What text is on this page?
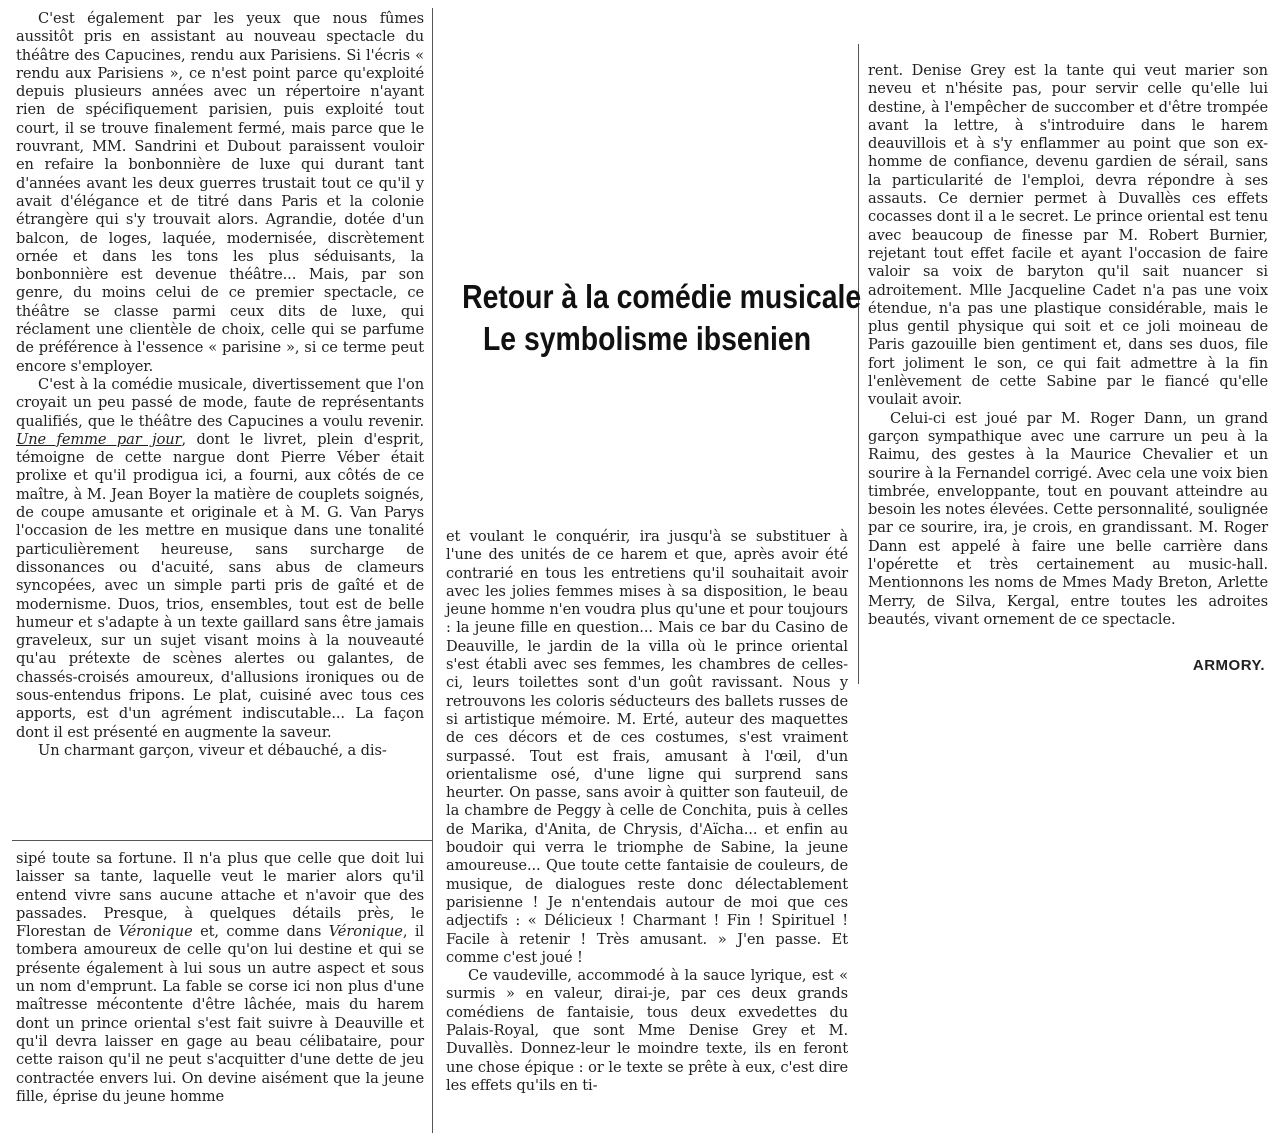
C'est également par les yeux que nous fûmes aussitôt pris en assistant au nouveau spectacle du théâtre des Capucines, rendu aux Parisiens. Si l'écris « rendu aux Parisiens », ce n'est point parce qu'exploité depuis plusieurs années avec un répertoire n'ayant rien de spécifiquement parisien, puis exploité tout court, il se trouve finalement fermé, mais parce que le rouvrant, MM. Sandrini et Dubout paraissent vouloir en refaire la bonbonnière de luxe qui durant tant d'années avant les deux guerres trustait tout ce qu'il y avait d'élégance et de titré dans Paris et la colonie étrangère qui s'y trouvait alors. Agrandie, dotée d'un balcon, de loges, laquée, modernisée, discrètement ornée et dans les tons les plus séduisants, la bonbonnière est devenue théâtre... Mais, par son genre, du moins celui de ce premier spectacle, ce théâtre se classe parmi ceux dits de luxe, qui réclament une clientèle de choix, celle qui se parfume de préférence à l'essence « parisine », si ce terme peut encore s'employer.

C'est à la comédie musicale, divertissement que l'on croyait un peu passé de mode, faute de représentants qualifiés, que le théâtre des Capucines a voulu revenir. Une femme par jour, dont le livret, plein d'esprit, témoigne de cette nargue dont Pierre Véber était prolixe et qu'il prodigua ici, a fourni, aux côtés de ce maître, à M. Jean Boyer la matière de couplets soignés, de coupe amusante et originale et à M. G. Van Parys l'occasion de les mettre en musique dans une tonalité particulièrement heureuse, sans surcharge de dissonances ou d'acuité, sans abus de clameurs syncopées, avec un simple parti pris de gaîté et de modernisme. Duos, trios, ensembles, tout est de belle humeur et s'adapte à un texte gaillard sans être jamais graveleux, sur un sujet visant moins à la nouveauté qu'au prétexte de scènes alertes ou galantes, de chassés-croisés amoureux, d'allusions ironiques ou de sous-entendus fripons. Le plat, cuisiné avec tous ces apports, est d'un agrément indiscutable... La façon dont il est présenté en augmente la saveur.

Un charmant garçon, viveur et débauché, a dis-

sipé toute sa fortune. Il n'a plus que celle que doit lui laisser sa tante, laquelle veut le marier alors qu'il entend vivre sans aucune attache et n'avoir que des passades. Presque, à quelques détails près, le Florestan de Véronique et, comme dans Véronique, il tombera amoureux de celle qu'on lui destine et qui se présente également à lui sous un autre aspect et sous un nom d'emprunt. La fable se corse ici non plus d'une maîtresse mécontente d'être lâchée, mais du harem dont un prince oriental s'est fait suivre à Deauville et qu'il devra laisser en gage au beau célibataire, pour cette raison qu'il ne peut s'acquitter d'une dette de jeu contractée envers lui. On devine aisément que la jeune fille, éprise du jeune homme

Retour à la comédie musicale
Le symbolisme ibsenien

et voulant le conquérir, ira jusqu'à se substituer à l'une des unités de ce harem et que, après avoir été contrarié en tous les entretiens qu'il souhaitait avoir avec les jolies femmes mises à sa disposition, le beau jeune homme n'en voudra plus qu'une et pour toujours : la jeune fille en question... Mais ce bar du Casino de Deauville, le jardin de la villa où le prince oriental s'est établi avec ses femmes, les chambres de celles-ci, leurs toilettes sont d'un goût ravissant. Nous y retrouvons les coloris séducteurs des ballets russes de si artistique mémoire. M. Erté, auteur des maquettes de ces décors et de ces costumes, s'est vraiment surpassé. Tout est frais, amusant à l'œil, d'un orientalisme osé, d'une ligne qui surprend sans heurter. On passe, sans avoir à quitter son fauteuil, de la chambre de Peggy à celle de Conchita, puis à celles de Marika, d'Anita, de Chrysis, d'Aïcha... et enfin au boudoir qui verra le triomphe de Sabine, la jeune amoureuse... Que toute cette fantaisie de couleurs, de musique, de dialogues reste donc délectablement parisienne ! Je n'entendais autour de moi que ces adjectifs : « Délicieux ! Charmant ! Fin ! Spirituel ! Facile à retenir ! Très amusant. » J'en passe. Et comme c'est joué !

Ce vaudeville, accommodé à la sauce lyrique, est « surmis » en valeur, dirai-je, par ces deux grands comédiens de fantaisie, tous deux exvedettes du Palais-Royal, que sont Mme Denise Grey et M. Duvallès. Donnez-leur le moindre texte, ils en feront une chose épique : or le texte se prête à eux, c'est dire les effets qu'ils en ti-

rent. Denise Grey est la tante qui veut marier son neveu et n'hésite pas, pour servir celle qu'elle lui destine, à l'empêcher de succomber et d'être trompée avant la lettre, à s'introduire dans le harem deauvillois et à s'y enflammer au point que son ex-homme de confiance, devenu gardien de sérail, sans la particularité de l'emploi, devra répondre à ses assauts. Ce dernier permet à Duvallès ces effets cocasses dont il a le secret. Le prince oriental est tenu avec beaucoup de finesse par M. Robert Burnier, rejetant tout effet facile et ayant l'occasion de faire valoir sa voix de baryton qu'il sait nuancer si adroitement. Mlle Jacqueline Cadet n'a pas une voix étendue, n'a pas une plastique considérable, mais le plus gentil physique qui soit et ce joli moineau de Paris gazouille bien gentiment et, dans ses duos, file fort joliment le son, ce qui fait admettre à la fin l'enlèvement de cette Sabine par le fiancé qu'elle voulait avoir.

Celui-ci est joué par M. Roger Dann, un grand garçon sympathique avec une carrure un peu à la Raimu, des gestes à la Maurice Chevalier et un sourire à la Fernandel corrigé. Avec cela une voix bien timbrée, enveloppante, tout en pouvant atteindre au besoin les notes élevées. Cette personnalité, soulignée par ce sourire, ira, je crois, en grandissant. M. Roger Dann est appelé à faire une belle carrière dans l'opérette et très certainement au music-hall. Mentionnons les noms de Mmes Mady Breton, Arlette Merry, de Silva, Kergal, entre toutes les adroites beautés, vivant ornement de ce spectacle.

ARMORY.
